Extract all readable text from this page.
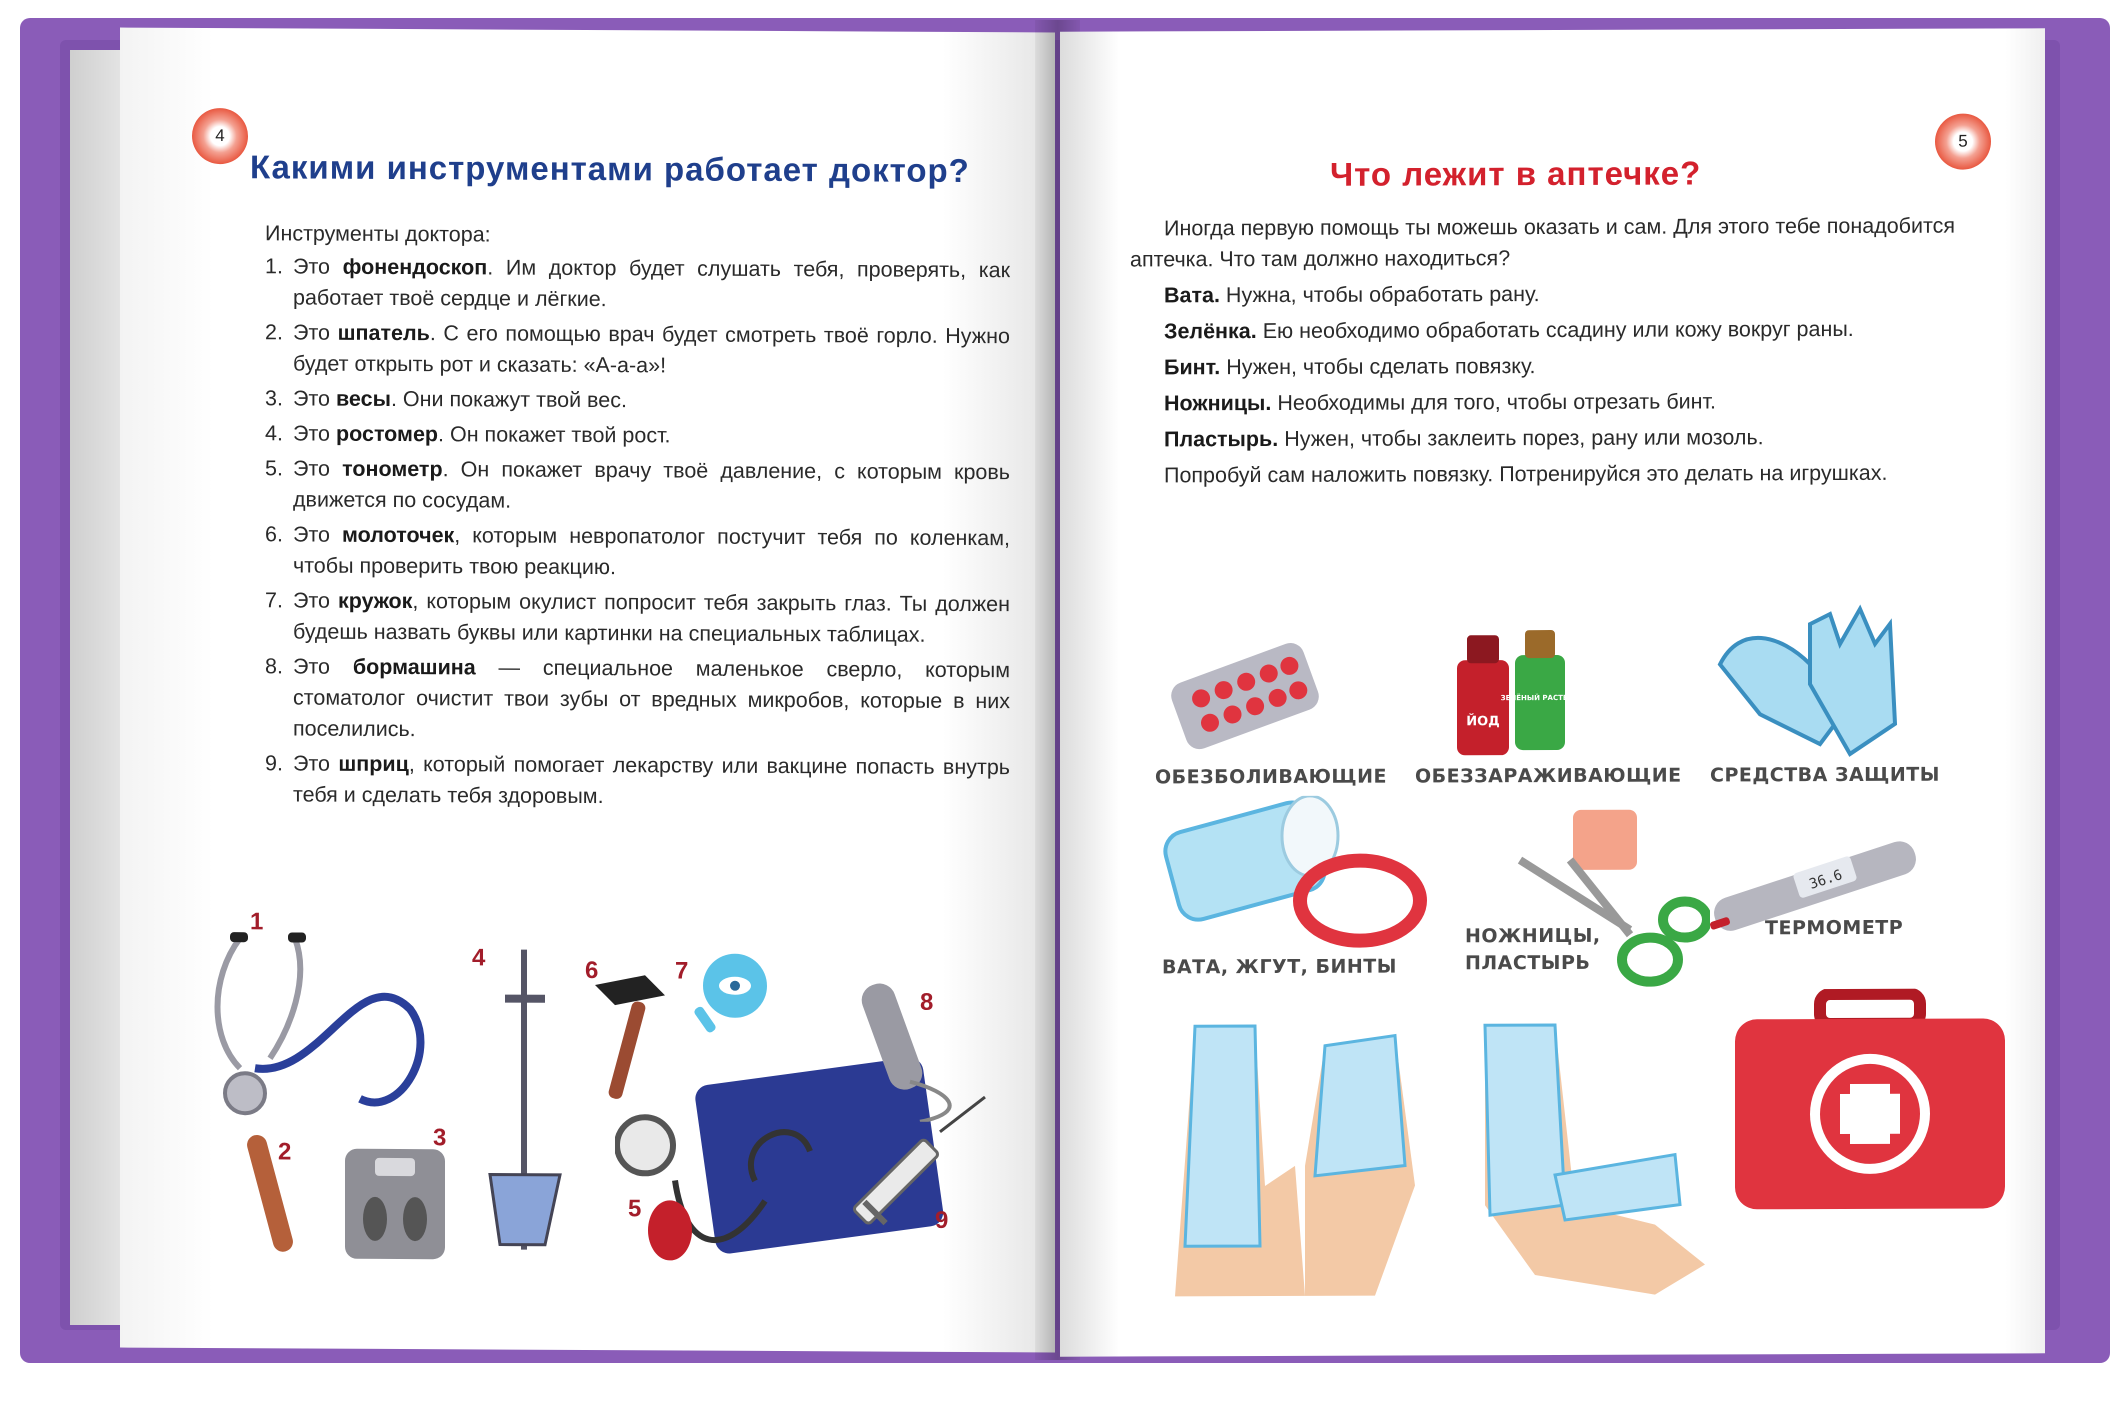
4
Какими инструментами работает доктор?
Инструменты доктора:
1. Это фонендоскоп. Им доктор будет слушать тебя, проверять, как работает твоё сердце и лёгкие.
2. Это шпатель. С его помощью врач будет смотреть твоё горло. Нужно будет открыть рот и сказать: «А-а-а»!
3. Это весы. Они покажут твой вес.
4. Это ростомер. Он покажет твой рост.
5. Это тонометр. Он покажет врачу твоё давление, с которым кровь движется по сосудам.
6. Это молоточек, которым невропатолог постучит тебя по коленкам, чтобы проверить твою реакцию.
7. Это кружок, которым окулист попросит тебя закрыть глаз. Ты должен будешь назвать буквы или картинки на специальных таблицах.
8. Это бормашина — специальное маленькое сверло, которым стоматолог очистит твои зубы от вредных микробов, которые в них поселились.
9. Это шприц, который помогает лекарству или вакцине попасть внутрь тебя и сделать тебя здоровым.
1
2
3
4
5
6	7
8
9
5
Что лежит в аптечке?
Иногда первую помощь ты можешь оказать и сам. Для этого тебе понадобится аптечка. Что там должно находиться?
Вата. Нужна, чтобы обработать рану.
Зелёнка. Ею необходимо обработать ссадину или кожу вокруг раны.
Бинт. Нужен, чтобы сделать повязку.
Ножницы. Необходимы для того, чтобы отрезать бинт.
Пластырь. Нужен, чтобы заклеить порез, рану или мозоль.
Попробуй сам наложить повязку. Потренируйся это делать на игрушках.
ЙОД
ЗЕЛЁНЫЙ РАСТВОР
ОБЕЗБОЛИВАЮЩИЕ ОБЕЗЗАРАЖИВАЮЩИЕ СРЕДСТВА ЗАЩИТЫ
36.6
ВАТА, ЖГУТ, БИНТЫ
НОЖНИЦЫ,
ПЛАСТЫРЬ
ТЕРМОМЕТР
